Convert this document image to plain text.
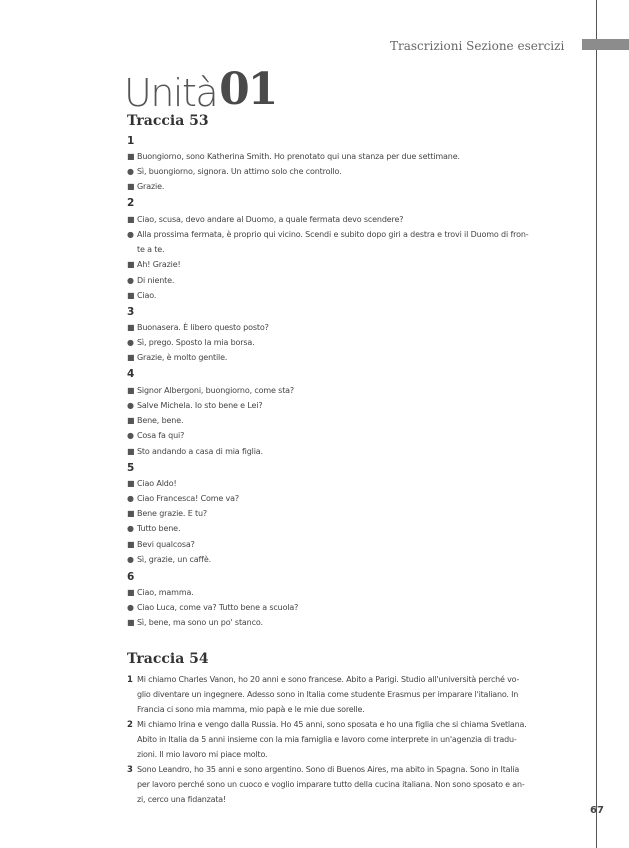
Trascrizioni Sezione esercizi
Unità 01
Traccia 53
1
■ Buongiorno, sono Katherina Smith. Ho prenotato qui una stanza per due settimane.
● Sì, buongiorno, signora. Un attimo solo che controllo.
■ Grazie.
2
■ Ciao, scusa, devo andare al Duomo, a quale fermata devo scendere?
● Alla prossima fermata, è proprio qui vicino. Scendi e subito dopo giri a destra e trovi il Duomo di fron-
te a te.
■ Ah! Grazie!
● Di niente.
■ Ciao.
3
■ Buonasera. È libero questo posto?
● Sì, prego. Sposto la mia borsa.
■ Grazie, è molto gentile.
4
■ Signor Albergoni, buongiorno, come sta?
● Salve Michela. Io sto bene e Lei?
■ Bene, bene.
● Cosa fa qui?
■ Sto andando a casa di mia figlia.
5
■ Ciao Aldo!
● Ciao Francesca! Come va?
■ Bene grazie. E tu?
● Tutto bene.
■ Bevi qualcosa?
● Sì, grazie, un caffè.
6
■ Ciao, mamma.
● Ciao Luca, come va? Tutto bene a scuola?
■ Sì, bene, ma sono un po' stanco.
Traccia 54
1 Mi chiamo Charles Vanon, ho 20 anni e sono francese. Abito a Parigi. Studio all'università perché vo-
glio diventare un ingegnere. Adesso sono in Italia come studente Erasmus per imparare l'italiano. In
Francia ci sono mia mamma, mio papà e le mie due sorelle.
2 Mi chiamo Irina e vengo dalla Russia. Ho 45 anni, sono sposata e ho una figlia che si chiama Svetlana.
Abito in Italia da 5 anni insieme con la mia famiglia e lavoro come interprete in un'agenzia di tradu-
zioni. Il mio lavoro mi piace molto.
3 Sono Leandro, ho 35 anni e sono argentino. Sono di Buenos Aires, ma abito in Spagna. Sono in Italia
per lavoro perché sono un cuoco e voglio imparare tutto della cucina italiana. Non sono sposato e an-
zi, cerco una fidanzata!
67
